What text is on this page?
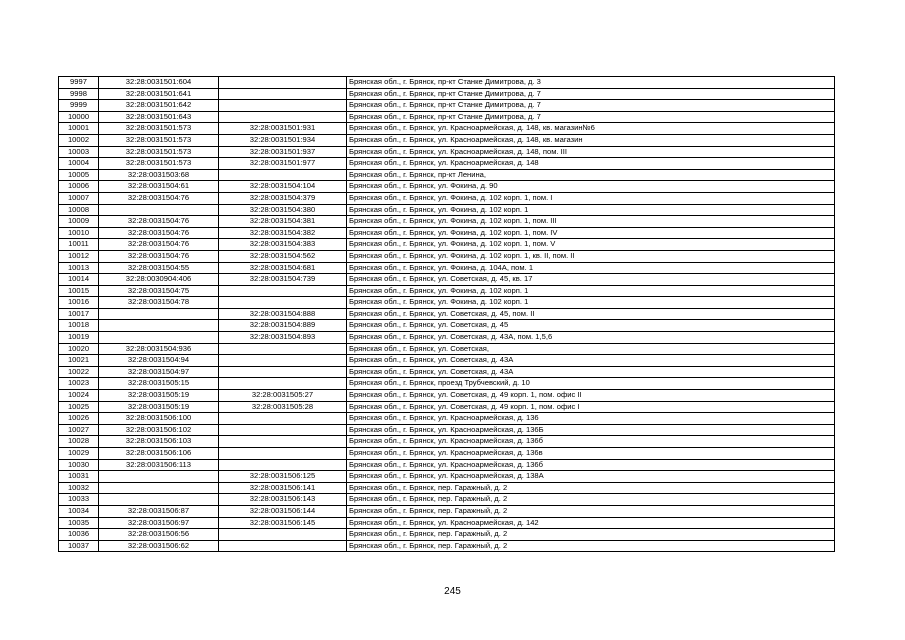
9997	32:28:0031501:604		Брянская обл., г. Брянск, пр-кт Станке Димитрова, д. 3
9998	32:28:0031501:641		Брянская обл., г. Брянск, пр-кт Станке Димитрова, д. 7
9999	32:28:0031501:642		Брянская обл., г. Брянск, пр-кт Станке Димитрова, д. 7
10000	32:28:0031501:643		Брянская обл., г. Брянск, пр-кт Станке Димитрова, д. 7
10001	32:28:0031501:573	32:28:0031501:931	Брянская обл., г. Брянск, ул. Красноармейская, д. 148, кв. магазин№6
10002	32:28:0031501:573	32:28:0031501:934	Брянская обл., г. Брянск, ул. Красноармейская, д. 148, кв. магазин
10003	32:28:0031501:573	32:28:0031501:937	Брянская обл., г. Брянск, ул. Красноармейская, д. 148, пом. III
10004	32:28:0031501:573	32:28:0031501:977	Брянская обл., г. Брянск, ул. Красноармейская, д. 148
10005	32:28:0031503:68		Брянская обл., г. Брянск, пр-кт Ленина,
10006	32:28:0031504:61	32:28:0031504:104	Брянская обл., г. Брянск, ул. Фокина, д. 90
10007	32:28:0031504:76	32:28:0031504:379	Брянская обл., г. Брянск, ул. Фокина, д. 102 корп. 1, пом. I
10008		32:28:0031504:380	Брянская обл., г. Брянск, ул. Фокина, д. 102 корп. 1
10009	32:28:0031504:76	32:28:0031504:381	Брянская обл., г. Брянск, ул. Фокина, д. 102 корп. 1, пом. III
10010	32:28:0031504:76	32:28:0031504:382	Брянская обл., г. Брянск, ул. Фокина, д. 102 корп. 1, пом. IV
10011	32:28:0031504:76	32:28:0031504:383	Брянская обл., г. Брянск, ул. Фокина, д. 102 корп. 1, пом. V
10012	32:28:0031504:76	32:28:0031504:562	Брянская обл., г. Брянск, ул. Фокина, д. 102 корп. 1, кв. II, пом. II
10013	32:28:0031504:55	32:28:0031504:681	Брянская обл., г. Брянск, ул. Фокина, д. 104А, пом. 1
10014	32:28:0030904:406	32:28:0031504:739	Брянская обл., г. Брянск, ул. Советская, д. 45, кв. 17
10015	32:28:0031504:75		Брянская обл., г. Брянск, ул. Фокина, д. 102 корп. 1
10016	32:28:0031504:78		Брянская обл., г. Брянск, ул. Фокина, д. 102 корп. 1
10017		32:28:0031504:888	Брянская обл., г. Брянск, ул. Советская, д. 45, пом. II
10018		32:28:0031504:889	Брянская обл., г. Брянск, ул. Советская, д. 45
10019		32:28:0031504:893	Брянская обл., г. Брянск, ул. Советская, д. 43А, пом. 1,5,6
10020	32:28:0031504:936		Брянская обл., г. Брянск, ул. Советская,
10021	32:28:0031504:94		Брянская обл., г. Брянск, ул. Советская, д. 43А
10022	32:28:0031504:97		Брянская обл., г. Брянск, ул. Советская, д. 43А
10023	32:28:0031505:15		Брянская обл., г. Брянск, проезд Трубчевский, д. 10
10024	32:28:0031505:19	32:28:0031505:27	Брянская обл., г. Брянск, ул. Советская, д. 49 корп. 1, пом. офис II
10025	32:28:0031505:19	32:28:0031505:28	Брянская обл., г. Брянск, ул. Советская, д. 49 корп. 1, пом. офис I
10026	32:28:0031506:100		Брянская обл., г. Брянск, ул. Красноармейская, д. 136
10027	32:28:0031506:102		Брянская обл., г. Брянск, ул. Красноармейская, д. 136Б
10028	32:28:0031506:103		Брянская обл., г. Брянск, ул. Красноармейская, д. 136б
10029	32:28:0031506:106		Брянская обл., г. Брянск, ул. Красноармейская, д. 136в
10030	32:28:0031506:113		Брянская обл., г. Брянск, ул. Красноармейская, д. 136б
10031		32:28:0031506:125	Брянская обл., г. Брянск, ул. Красноармейская, д. 138А
10032		32:28:0031506:141	Брянская обл., г. Брянск, пер. Гаражный, д. 2
10033		32:28:0031506:143	Брянская обл., г. Брянск, пер. Гаражный, д. 2
10034	32:28:0031506:87	32:28:0031506:144	Брянская обл., г. Брянск, пер. Гаражный, д. 2
10035	32:28:0031506:97	32:28:0031506:145	Брянская обл., г. Брянск, ул. Красноармейская, д. 142
10036	32:28:0031506:56		Брянская обл., г. Брянск, пер. Гаражный, д. 2
10037	32:28:0031506:62		Брянская обл., г. Брянск, пер. Гаражный, д. 2
245
